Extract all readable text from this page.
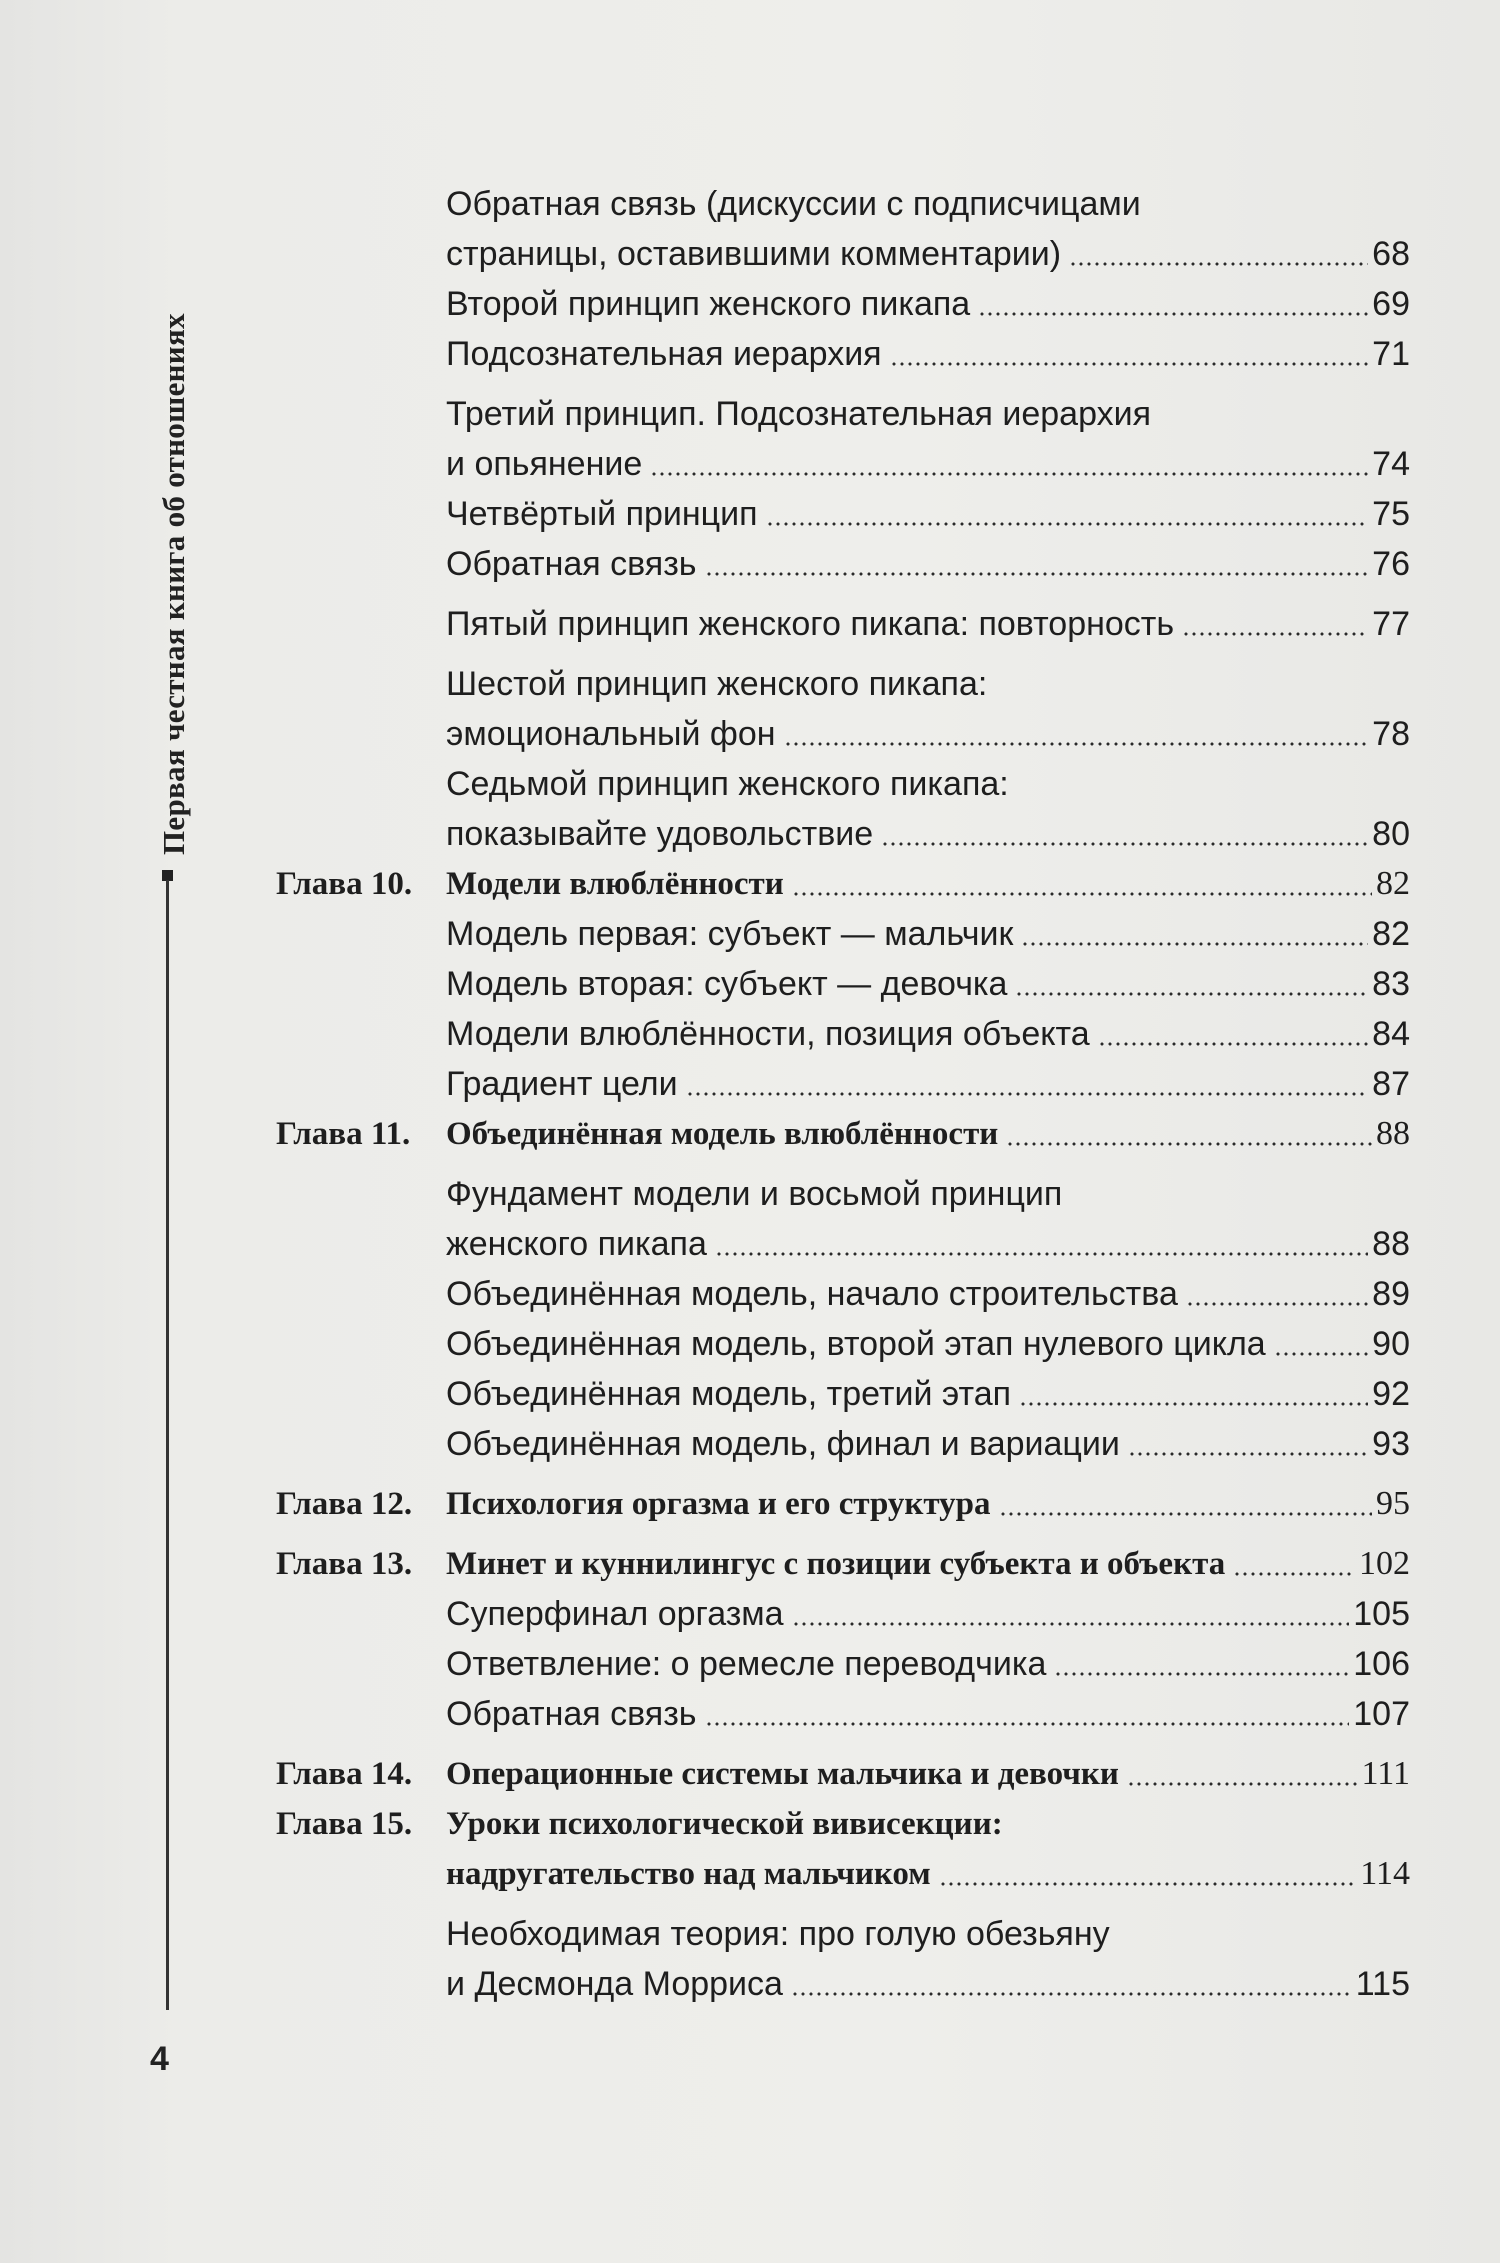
Первая честная книга об отношениях
4
Обратная связь (дискуссии с подписчицами
страницы, оставившими комментарии)	68
Второй принцип женского пикапа	69
Подсознательная иерархия	71
Третий принцип. Подсознательная иерархия
и опьянение	74
Четвёртый принцип	75
Обратная связь	76
Пятый принцип женского пикапа: повторность	77
Шестой принцип женского пикапа:
эмоциональный фон	78
Седьмой принцип женского пикапа:
показывайте удовольствие	80
Глава 10. Модели влюблённости	82
Модель первая: субъект — мальчик	82
Модель вторая: субъект — девочка	83
Модели влюблённости, позиция объекта	84
Градиент цели	87
Глава 11. Объединённая модель влюблённости	88
Фундамент модели и восьмой принцип
женского пикапа	88
Объединённая модель, начало строительства	89
Объединённая модель, второй этап нулевого цикла	90
Объединённая модель, третий этап	92
Объединённая модель, финал и вариации	93
Глава 12. Психология оргазма и его структура	95
Глава 13. Минет и куннилингус с позиции субъекта и объекта	102
Суперфинал оргазма	105
Ответвление: о ремесле переводчика	106
Обратная связь	107
Глава 14. Операционные системы мальчика и девочки	111
Глава 15. Уроки психологической вивисекции:
надругательство над мальчиком	114
Необходимая теория: про голую обезьяну
и Десмонда Морриса	115
